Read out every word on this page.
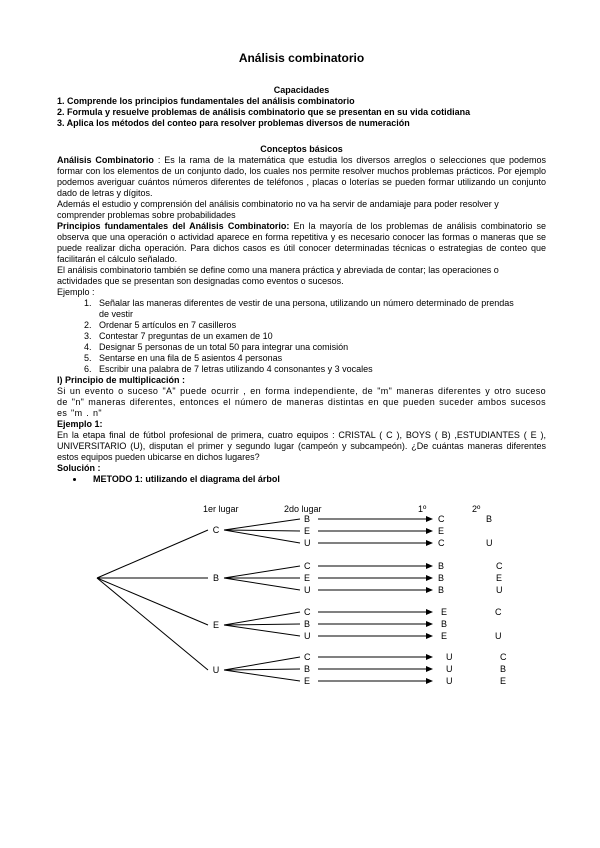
Análisis combinatorio
Capacidades
1. Comprende los principios fundamentales del análisis combinatorio
2. Formula y resuelve problemas de análisis combinatorio que se presentan en su vida cotidiana
3. Aplica los métodos del conteo para resolver problemas diversos de numeración
Conceptos básicos
Análisis Combinatorio : Es la rama de la matemática que estudia los diversos arreglos o selecciones que podemos formar con los elementos de un conjunto dado, los cuales nos permite resolver muchos problemas prácticos. Por ejemplo podemos averiguar cuántos números diferentes de teléfonos , placas o loterías se pueden formar utilizando un conjunto dado de letras y dígitos.
Además el estudio y comprensión del análisis combinatorio no va ha servir de andamiaje para poder resolver y comprender problemas sobre probabilidades
Principios fundamentales del Análisis Combinatorio: En la mayoría de los problemas de análisis combinatorio se observa que una operación o actividad aparece en forma repetitiva y es necesario conocer las formas o maneras que se puede realizar dicha operación. Para dichos casos es útil conocer determinadas técnicas o estrategias de conteo que facilitarán el cálculo señalado.
El análisis combinatorio también se define como una manera práctica y abreviada de contar; las operaciones o actividades que se presentan son designadas como eventos o sucesos.
Ejemplo :
1. Señalar las maneras diferentes de vestir de una persona, utilizando un número determinado de prendas de vestir
2. Ordenar 5 artículos en 7 casilleros
3. Contestar 7 preguntas de un examen de 10
4. Designar 5 personas de un total 50 para integrar una comisión
5. Sentarse en una fila de 5 asientos 4 personas
6. Escribir una palabra de 7 letras utilizando 4 consonantes y 3 vocales
I) Principio de multiplicación :
Si un evento o suceso "A" puede ocurrir , en forma independiente, de "m" maneras diferentes y otro suceso de "n" maneras diferentes, entonces el número de maneras distintas en que pueden suceder ambos sucesos es "m . n"
Ejemplo 1:
En la etapa final de fútbol profesional de primera, cuatro equipos : CRISTAL ( C ), BOYS ( B) ,ESTUDIANTES ( E ), UNIVERSITARIO (U), disputan el primer y segundo lugar (campeón y subcampeón). ¿De cuántas maneras diferentes estos equipos pueden ubicarse en dichos lugares?
Solución :
• METODO 1: utilizando el diagrama del árbol
1er lugar	2do lugar	1º	2º
C
B	C	B
E	E
U	C	U
B
C	B	C
E	B	E
U	B	U
E
C	E	C
B	B
U	E	U
U
C	U	C
B	U	B
E	U	E
